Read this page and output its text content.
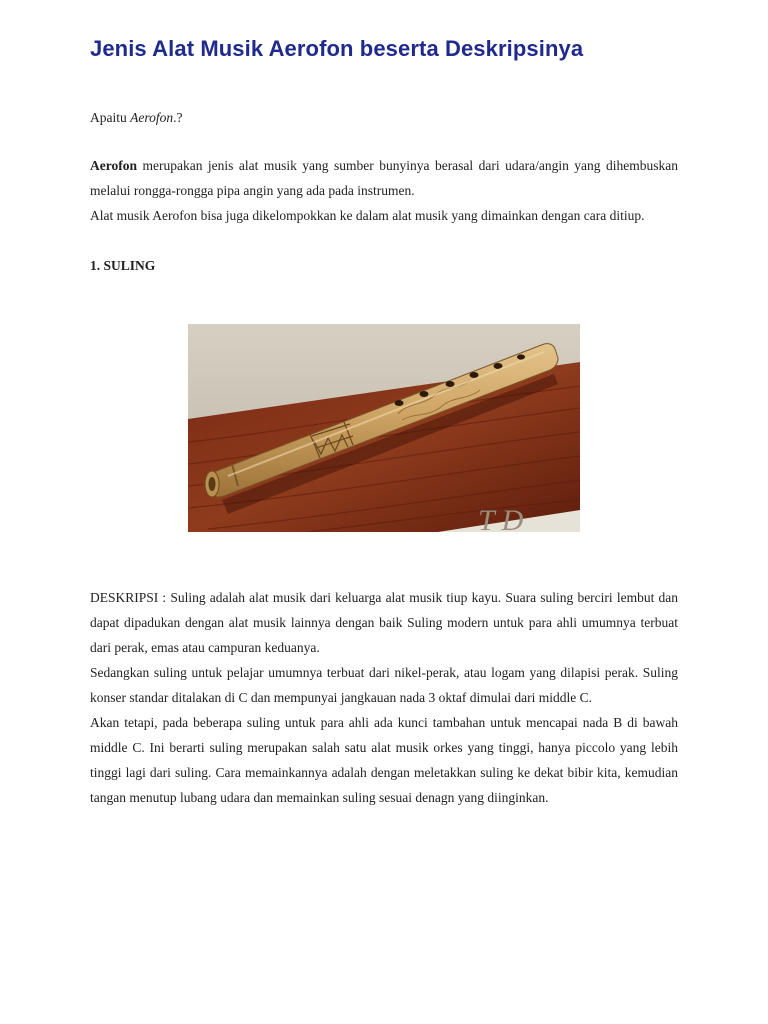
Jenis Alat Musik Aerofon beserta Deskripsinya

Apaitu Aerofon.?

Aerofon merupakan jenis alat musik yang sumber bunyinya berasal dari udara/angin yang dihembuskan melalui rongga-rongga pipa angin yang ada pada instrumen.

Alat musik Aerofon bisa juga dikelompokkan ke dalam alat musik yang dimainkan dengan cara ditiup.

1. SULING

T D

DESKRIPSI : Suling adalah alat musik dari keluarga alat musik tiup kayu. Suara suling berciri lembut dan dapat dipadukan dengan alat musik lainnya dengan baik Suling modern untuk para ahli umumnya terbuat dari perak, emas atau campuran keduanya.

Sedangkan suling untuk pelajar umumnya terbuat dari nikel-perak, atau logam yang dilapisi perak. Suling konser standar ditalakan di C dan mempunyai jangkauan nada 3 oktaf dimulai dari middle C.

Akan tetapi, pada beberapa suling untuk para ahli ada kunci tambahan untuk mencapai nada B di bawah middle C. Ini berarti suling merupakan salah satu alat musik orkes yang tinggi, hanya piccolo yang lebih tinggi lagi dari suling. Cara memainkannya adalah dengan meletakkan suling ke dekat bibir kita, kemudian tangan menutup lubang udara dan memainkan suling sesuai denagn yang diinginkan.
